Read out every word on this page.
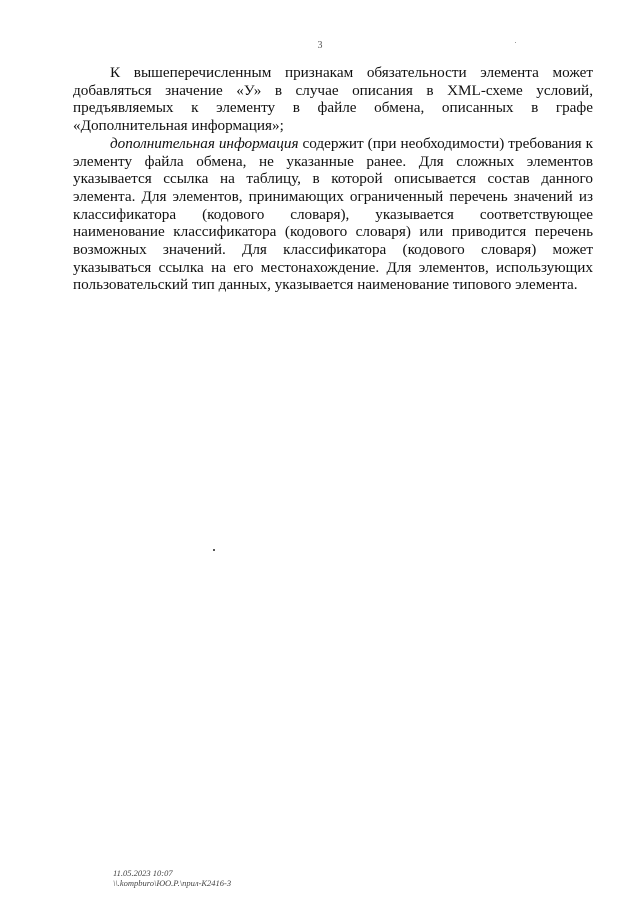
3

К вышеперечисленным признакам обязательности элемента может добавляться значение «У» в случае описания в XML-схеме условий, предъявляемых к элементу в файле обмена, описанных в графе «Дополнительная информация»;

дополнительная информация содержит (при необходимости) требования к элементу файла обмена, не указанные ранее. Для сложных элементов указывается ссылка на таблицу, в которой описывается состав данного элемента. Для элементов, принимающих ограниченный перечень значений из классификатора (кодового словаря), указывается соответствующее наименование классификатора (кодового словаря) или приводится перечень возможных значений. Для классификатора (кодового словаря) может указываться ссылка на его местонахождение. Для элементов, использующих пользовательский тип данных, указывается наименование типового элемента.

11.05.2023 10:07
\\.kompburo\ЮО.Р.\прил-К2416-3
